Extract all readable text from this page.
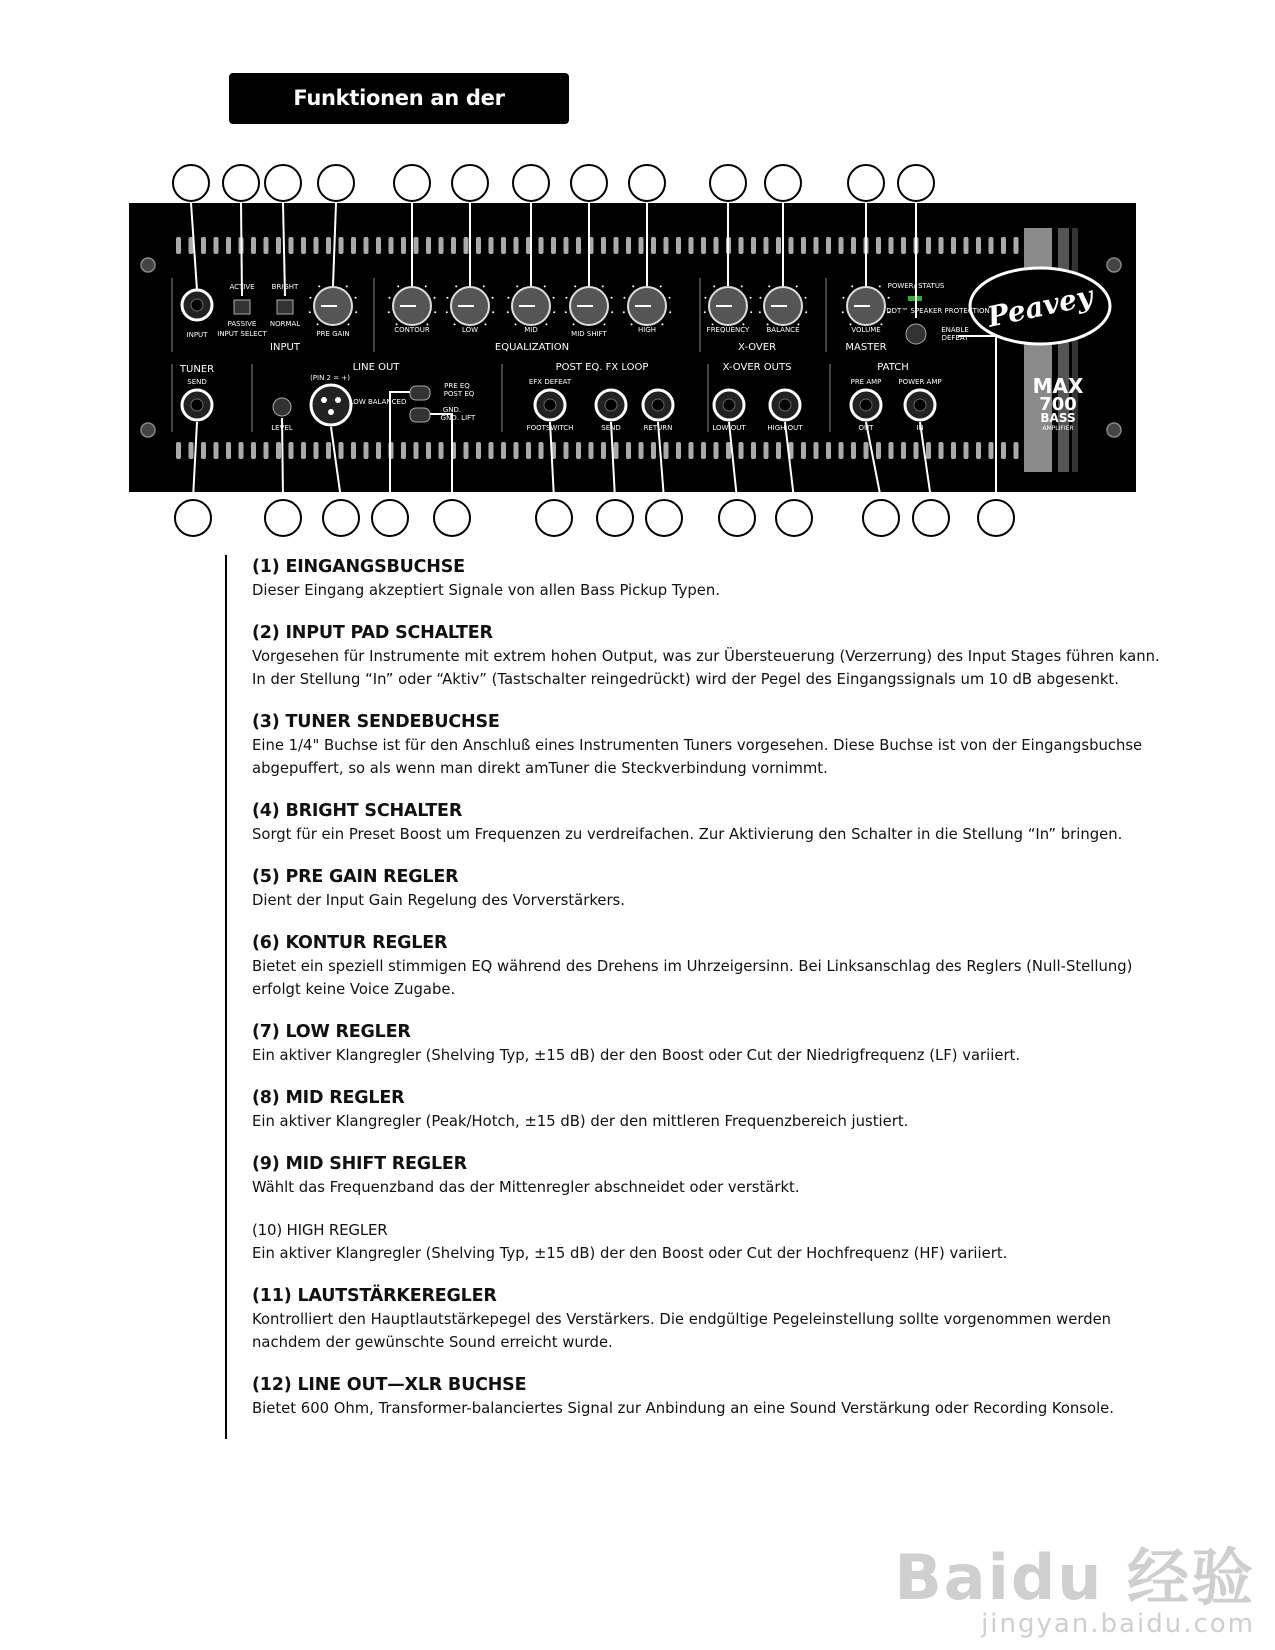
Funktionen an der Vorderseite
Peavey
MAX
700
BASS
AMPLIFIER
INPUT
ACTIVE
PASSIVE
INPUT SELECT
BRIGHT
NORMAL
PRE GAIN
INPUT
CONTOUR	LOW	MID	MID SHIFT	HIGH
EQUALIZATION
FREQUENCY BALANCE
X-OVER
VOLUME
MASTER
POWER/ STATUS
DDT™ SPEAKER PROTECTION
ENABLE
DEFEAT
TUNER
SEND
LINE OUT
(PIN 2 = +)
LOW BALANCED
LEVEL
PRE EQ
POST EQ
GND.
GND. LIFT
POST EQ. FX LOOP
EFX DEFEAT
FOOTSWITCH	SEND	RETURN
X-OVER OUTS
LOW OUT	HIGH OUT
PATCH
PRE AMP POWER AMP
OUT	IN
(1) EINGANGSBUCHSE

Dieser Eingang akzeptiert Signale von allen Bass Pickup Typen.

(2) INPUT PAD SCHALTER

Vorgesehen für Instrumente mit extrem hohen Output, was zur Übersteuerung (Verzerrung) des Input Stages führen kann. In der Stellung “In” oder “Aktiv” (Tastschalter reingedrückt) wird der Pegel des Eingangssignals um 10 dB abgesenkt.

(3) TUNER SENDEBUCHSE

Eine 1/4" Buchse ist für den Anschluß eines Instrumenten Tuners vorgesehen. Diese Buchse ist von der Eingangsbuchse abgepuffert, so als wenn man direkt amTuner die Steckverbindung vornimmt.

(4) BRIGHT SCHALTER

Sorgt für ein Preset Boost um Frequenzen zu verdreifachen. Zur Aktivierung den Schalter in die Stellung “In” bringen.

(5) PRE GAIN REGLER

Dient der Input Gain Regelung des Vorverstärkers.

(6) KONTUR REGLER

Bietet ein speziell stimmigen EQ während des Drehens im Uhrzeigersinn. Bei Linksanschlag des Reglers (Null-Stellung) erfolgt keine Voice Zugabe.

(7) LOW REGLER

Ein aktiver Klangregler (Shelving Typ, ±15 dB) der den Boost oder Cut der Niedrigfrequenz (LF) variiert.

(8) MID REGLER

Ein aktiver Klangregler (Peak/Hotch, ±15 dB) der den mittleren Frequenzbereich justiert.

(9) MID SHIFT REGLER

Wählt das Frequenzband das der Mittenregler abschneidet oder verstärkt.

(10) HIGH REGLER

Ein aktiver Klangregler (Shelving Typ, ±15 dB) der den Boost oder Cut der Hochfrequenz (HF) variiert.

(11) LAUTSTÄRKEREGLER

Kontrolliert den Hauptlautstärkepegel des Verstärkers. Die endgültige Pegeleinstellung sollte vorgenommen werden nachdem der gewünschte Sound erreicht wurde.

(12) LINE OUT—XLR BUCHSE

Bietet 600 Ohm, Transformer-balanciertes Signal zur Anbindung an eine Sound Verstärkung oder Recording Konsole.

Baidu 经验
jingyan.baidu.com
